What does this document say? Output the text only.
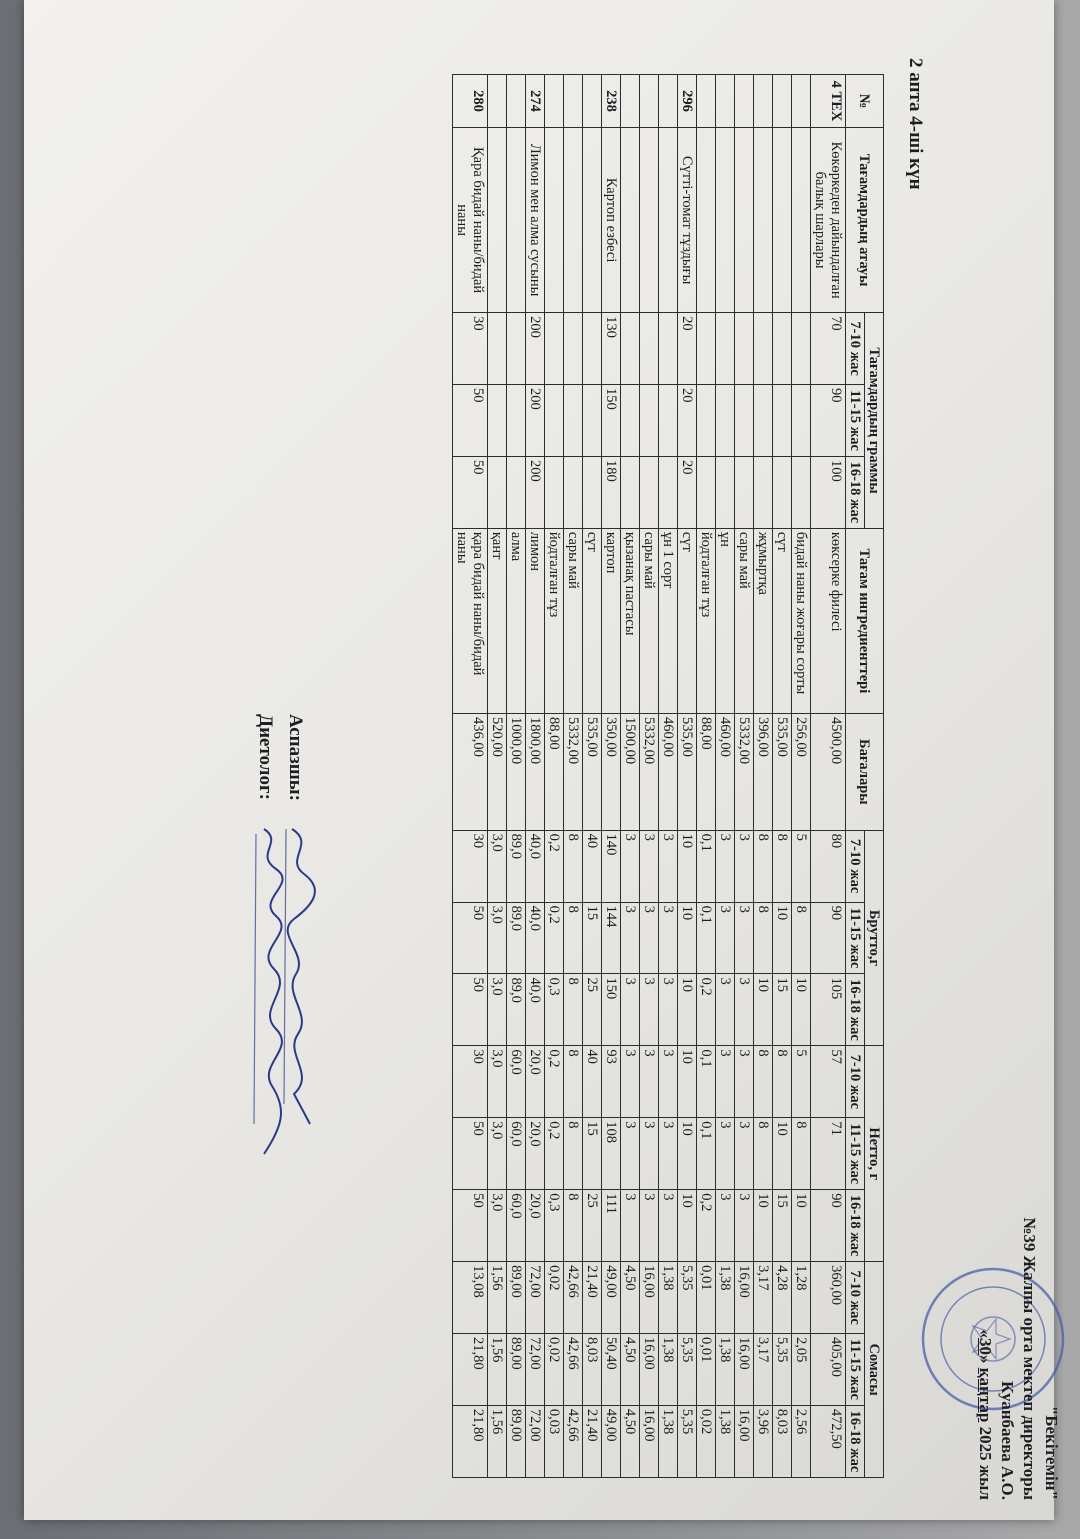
"Бекітемін"
№39 Жалпы орта мектеп директоры
Куанбаева А.О.
«30» қаңтар 2025 жыл
2 апта 4-ші күн
№	Тағамдардың атауы	Тағамдардың граммы			Тағам ингредиенттері	Бағалары	Брутто,г			Нетто, г			Сомасы		
		7-10 жас	11-15 жас	16-18 жас			7-10 жас	11-15 жас	16-18 жас	7-10 жас	11-15 жас	16-18 жас	7-10 жас	11-15 жас	16-18 жас
4 ТЕХ	Көкөркеден дайындалған балық шарлары	70	90	100	көксерке филесі	4500,00	80	90	105	57	71	90	360,00	405,00	472,50
					бидай наны жоғары сорты	256,00	5	8	10	5	8	10	1,28	2,05	2,56
					сүт	535,00	8	10	15	8	10	15	4,28	5,35	8,03
					жұмыртқа	396,00	8	8	10	8	8	10	3,17	3,17	3,96
					сары май	5332,00	3	3	3	3	3	3	16,00	16,00	16,00
					ұн	460,00	3	3	3	3	3	3	1,38	1,38	1,38
					йодталған тұз	88,00	0,1	0,1	0,2	0,1	0,1	0,2	0,01	0,01	0,02
296	Сүтті-томат тұздығы	20	20	20	сүт	535,00	10	10	10	10	10	10	5,35	5,35	5,35
					ұн 1 сорт	460,00	3	3	3	3	3	3	1,38	1,38	1,38
					сары май	5332,00	3	3	3	3	3	3	16,00	16,00	16,00
					қызанақ пастасы	1500,00	3	3	3	3	3	3	4,50	4,50	4,50
238	Картоп езбесі	130	150	180	картоп	350,00	140	144	150	93	108	111	49,00	50,40	49,00
					сүт	535,00	40	15	25	40	15	25	21,40	8,03	21,40
					сары май	5332,00	8	8	8	8	8	8	42,66	42,66	42,66
					йодталған тұз	88,00	0,2	0,2	0,3	0,2	0,2	0,3	0,02	0,02	0,03
274	Лимон мен алма сусыны	200	200	200	лимон	1800,00	40,0	40,0	40,0	20,0	20,0	20,0	72,00	72,00	72,00
					алма	1000,00	89,0	89,0	89,0	60,0	60,0	60,0	89,00	89,00	89,00
					қант	520,00	3,0	3,0	3,0	3,0	3,0	3,0	1,56	1,56	1,56
280	Қара бидай наны/бидай наны	30	50	50	қара бидай наны/бидай наны	436,00	30	50	50	30	50	50	13,08	21,80	21,80
Аспазшы:
Диетолог:
